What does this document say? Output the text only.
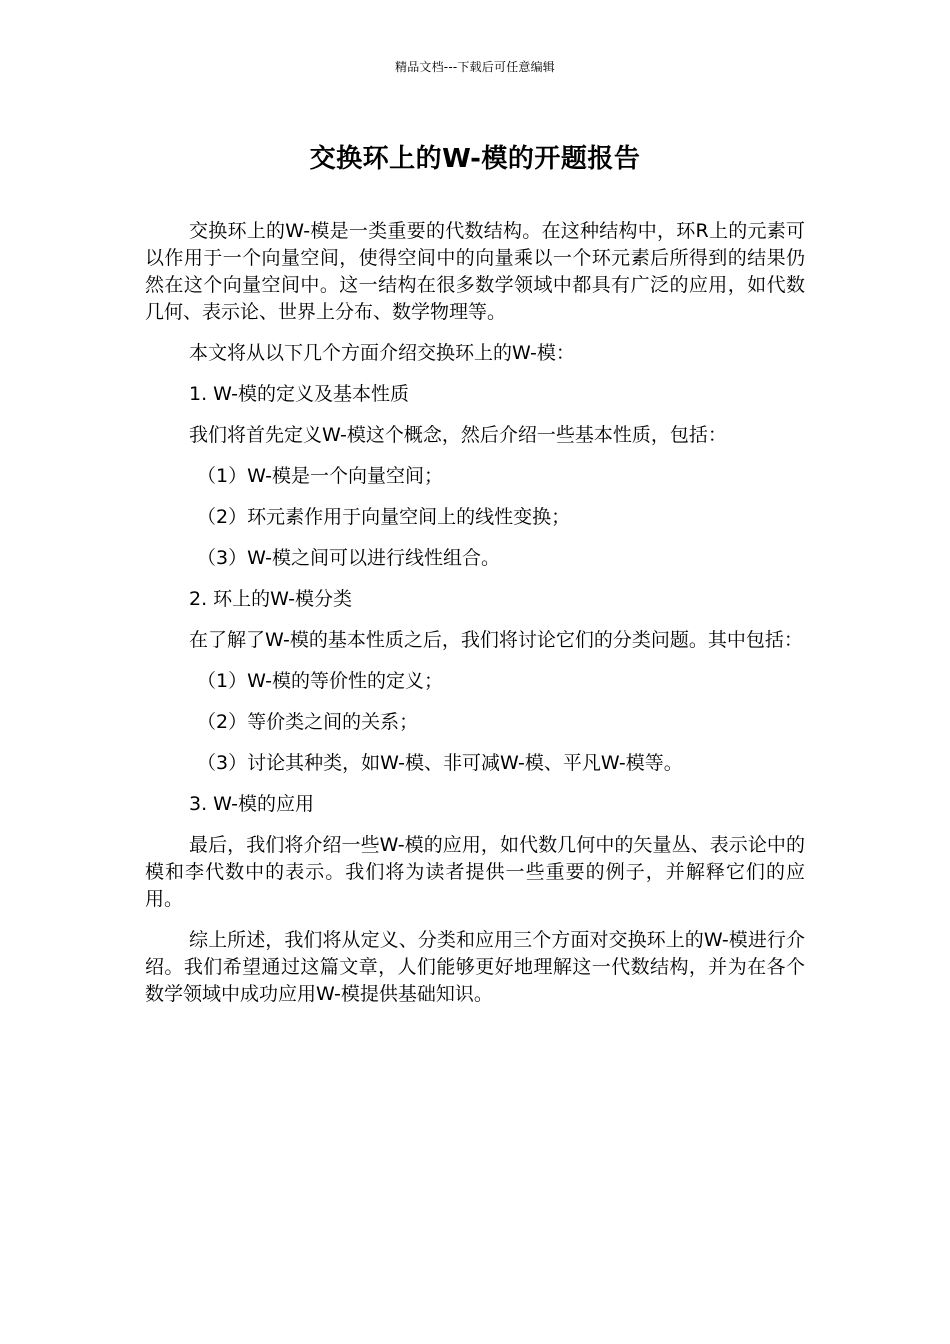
精品文档---下载后可任意编辑
交换环上的W-模的开题报告

交换环上的W-模是一类重要的代数结构。在这种结构中，环R上的元素可以作用于一个向量空间，使得空间中的向量乘以一个环元素后所得到的结果仍然在这个向量空间中。这一结构在很多数学领域中都具有广泛的应用，如代数几何、表示论、世界上分布、数学物理等。

本文将从以下几个方面介绍交换环上的W-模：

1. W-模的定义及基本性质

我们将首先定义W-模这个概念，然后介绍一些基本性质，包括：

（1）W-模是一个向量空间；
（2）环元素作用于向量空间上的线性变换；
（3）W-模之间可以进行线性组合。
2. 环上的W-模分类

在了解了W-模的基本性质之后，我们将讨论它们的分类问题。其中包括：

（1）W-模的等价性的定义；
（2）等价类之间的关系；
（3）讨论其种类，如W-模、非可减W-模、平凡W-模等。
3. W-模的应用

最后，我们将介绍一些W-模的应用，如代数几何中的矢量丛、表示论中的模和李代数中的表示。我们将为读者提供一些重要的例子，并解释它们的应用。

综上所述，我们将从定义、分类和应用三个方面对交换环上的W-模进行介绍。我们希望通过这篇文章，人们能够更好地理解这一代数结构，并为在各个数学领域中成功应用W-模提供基础知识。
